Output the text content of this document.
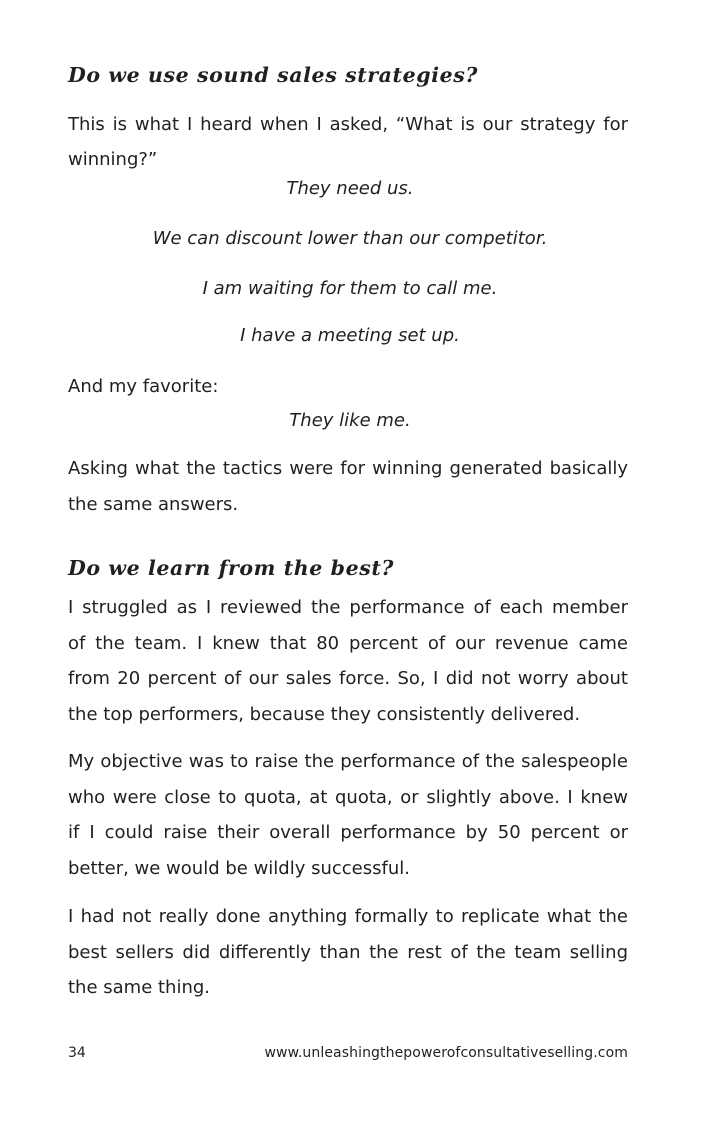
Do we use sound sales strategies?

This is what I heard when I asked, “What is our strategy for
winning?”

They need us.

We can discount lower than our competitor.

I am waiting for them to call me.

I have a meeting set up.

And my favorite:

They like me.

Asking what the tactics were for winning generated basically
the same answers.

Do we learn from the best?

I struggled as I reviewed the performance of each member
of the team. I knew that 80 percent of our revenue came
from 20 percent of our sales force. So, I did not worry about
the top performers, because they consistently delivered.

My objective was to raise the performance of the salespeople
who were close to quota, at quota, or slightly above. I knew
if I could raise their overall performance by 50 percent or
better, we would be wildly successful.

I had not really done anything formally to replicate what the
best sellers did differently than the rest of the team selling
the same thing.

34	www.unleashingthepowerofconsultativeselling.com
